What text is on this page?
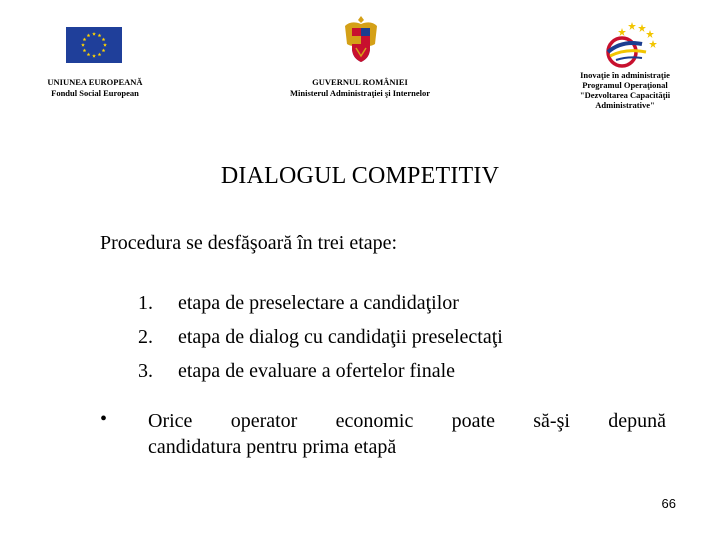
UNIUNEA EUROPEANĂ
Fondul Social European
GUVERNUL ROMÂNIEI
Ministerul Administraţiei şi Internelor
Inovaţie în administraţie
Programul Operaţional
"Dezvoltarea Capacităţii
Administrative"
DIALOGUL COMPETITIV
Procedura se desfăşoară în trei etape:
1.	etapa de preselectare a candidaţilor
2.	etapa de dialog cu candidaţii preselectaţi
3.	etapa de evaluare a ofertelor finale
• Orice operator economic poate să-şi depună
candidatura pentru prima etapă
66
